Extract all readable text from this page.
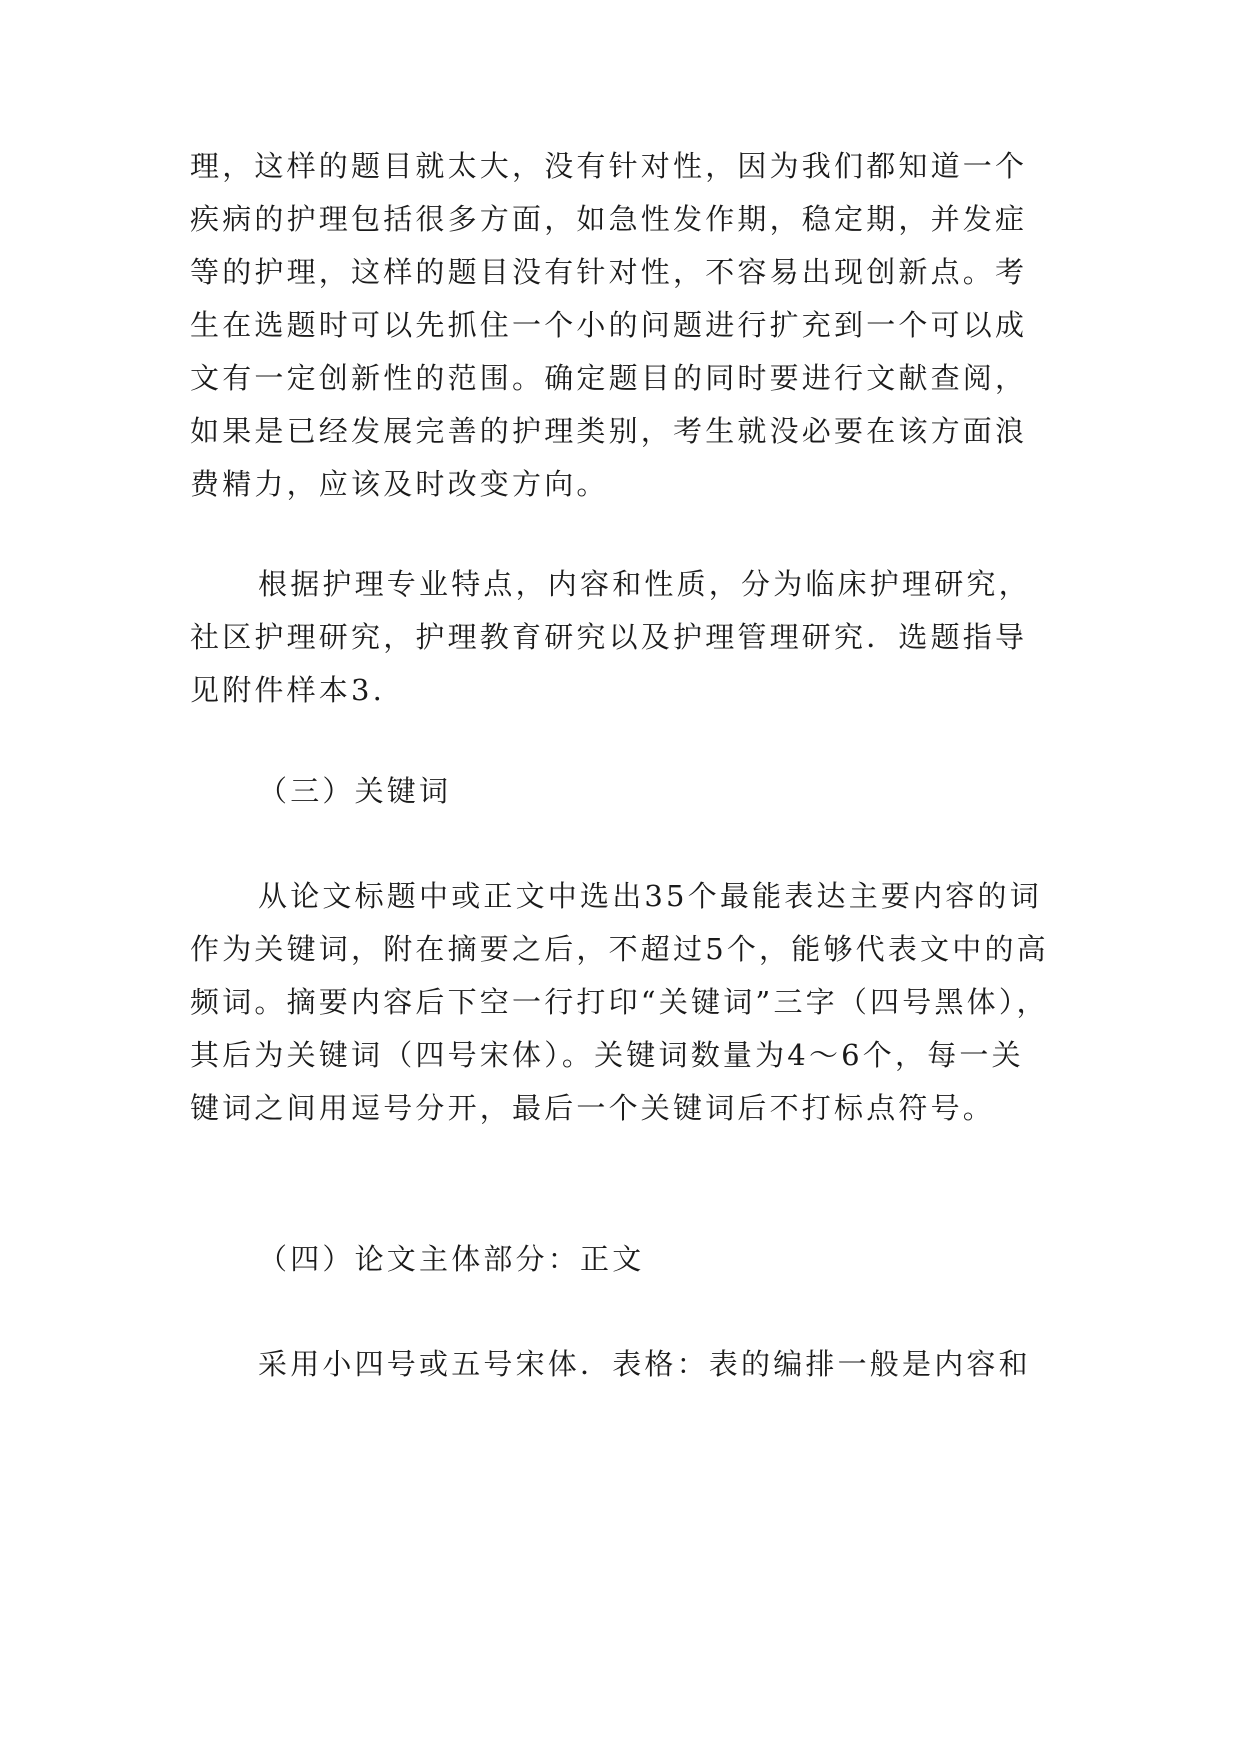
理，这样的题目就太大，没有针对性，因为我们都知道一个疾病的护理包括很多方面，如急性发作期，稳定期，并发症等的护理，这样的题目没有针对性，不容易出现创新点。考生在选题时可以先抓住一个小的问题进行扩充到一个可以成文有一定创新性的范围。确定题目的同时要进行文献查阅，如果是已经发展完善的护理类别，考生就没必要在该方面浪费精力，应该及时改变方向。

根据护理专业特点，内容和性质，分为临床护理研究，社区护理研究，护理教育研究以及护理管理研究．选题指导见附件样本3.

（三）关键词

从论文标题中或正文中选出35个最能表达主要内容的词作为关键词，附在摘要之后，不超过5个，能够代表文中的高频词。摘要内容后下空一行打印“关键词”三字（四号黑体），其后为关键词（四号宋体）。关键词数量为4～6个，每一关键词之间用逗号分开，最后一个关键词后不打标点符号。

（四）论文主体部分：正文

采用小四号或五号宋体．表格：表的编排一般是内容和
